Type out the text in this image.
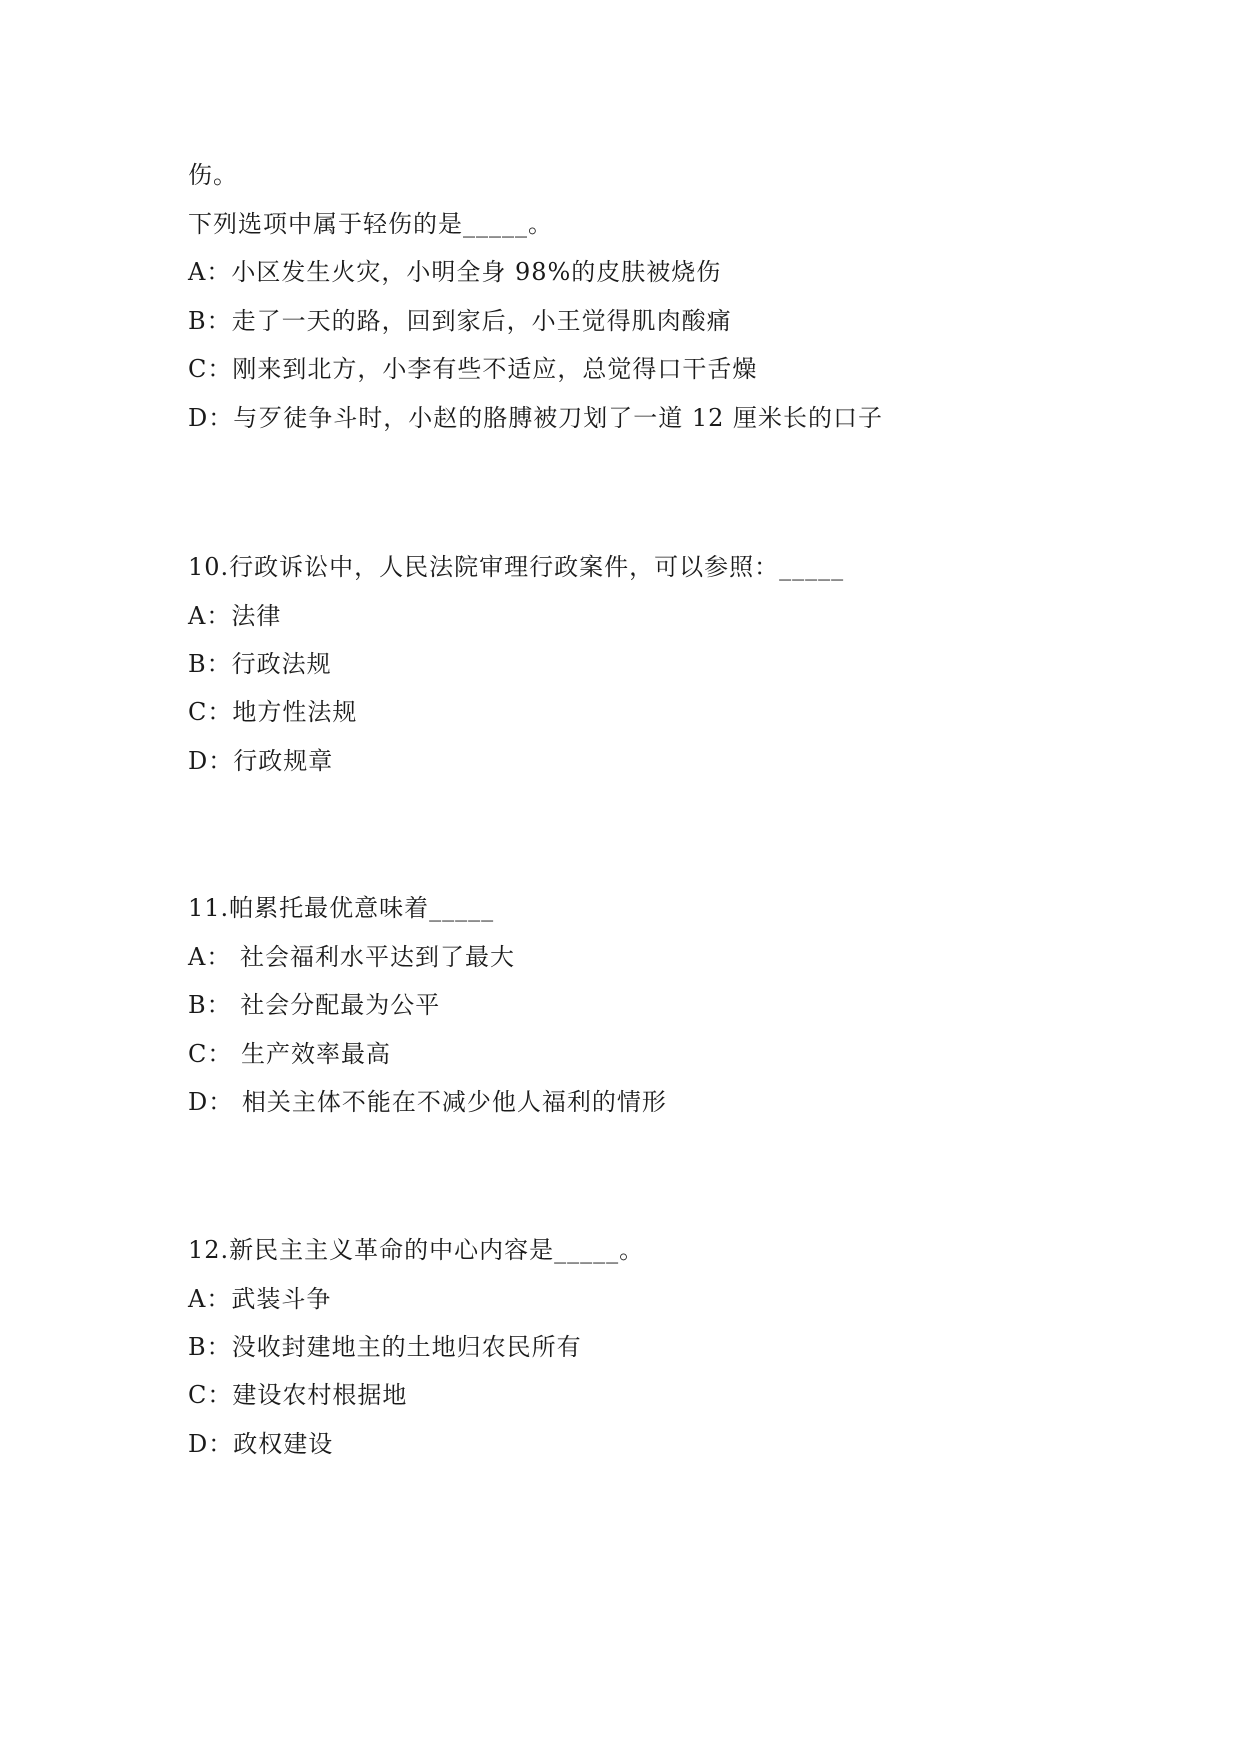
伤。
下列选项中属于轻伤的是_____。
A：小区发生火灾，小明全身 98%的皮肤被烧伤
B：走了一天的路，回到家后，小王觉得肌肉酸痛
C：刚来到北方，小李有些不适应，总觉得口干舌燥
D：与歹徒争斗时，小赵的胳膊被刀划了一道 12 厘米长的口子
10.行政诉讼中，人民法院审理行政案件，可以参照：_____
A：法律
B：行政法规
C：地方性法规
D：行政规章
11.帕累托最优意味着_____
A： 社会福利水平达到了最大
B： 社会分配最为公平
C： 生产效率最高
D： 相关主体不能在不减少他人福利的情形
12.新民主主义革命的中心内容是_____。
A：武装斗争
B：没收封建地主的土地归农民所有
C：建设农村根据地
D：政权建设
